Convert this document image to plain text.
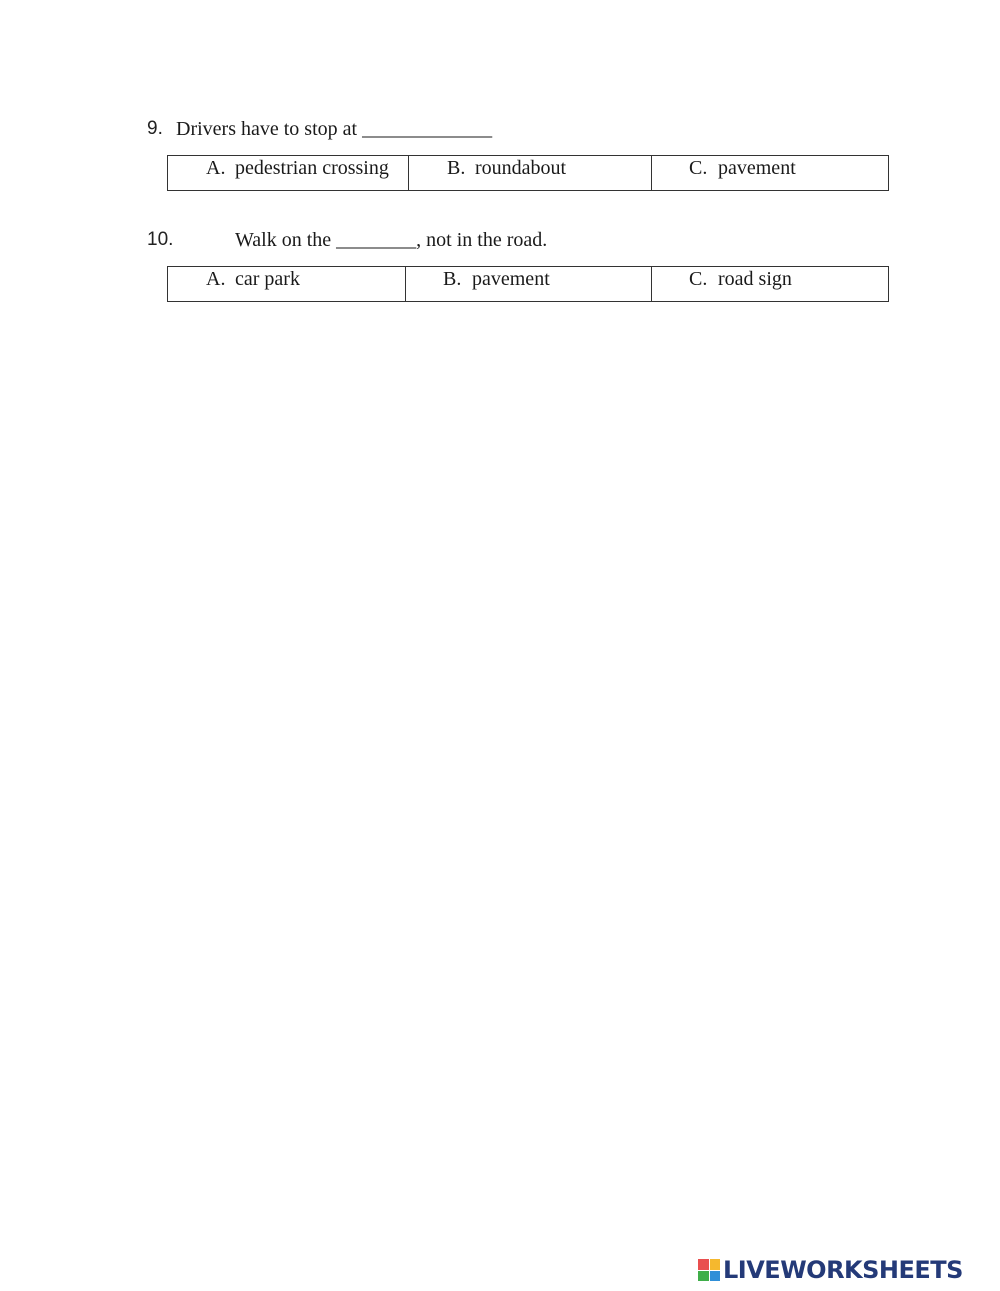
9. Drivers have to stop at _____________
A. pedestrian crossing	B. roundabout	C. pavement
10.	Walk on the ________, not in the road.
A. car park	B. pavement	C. road sign
LIVEWORKSHEETS
